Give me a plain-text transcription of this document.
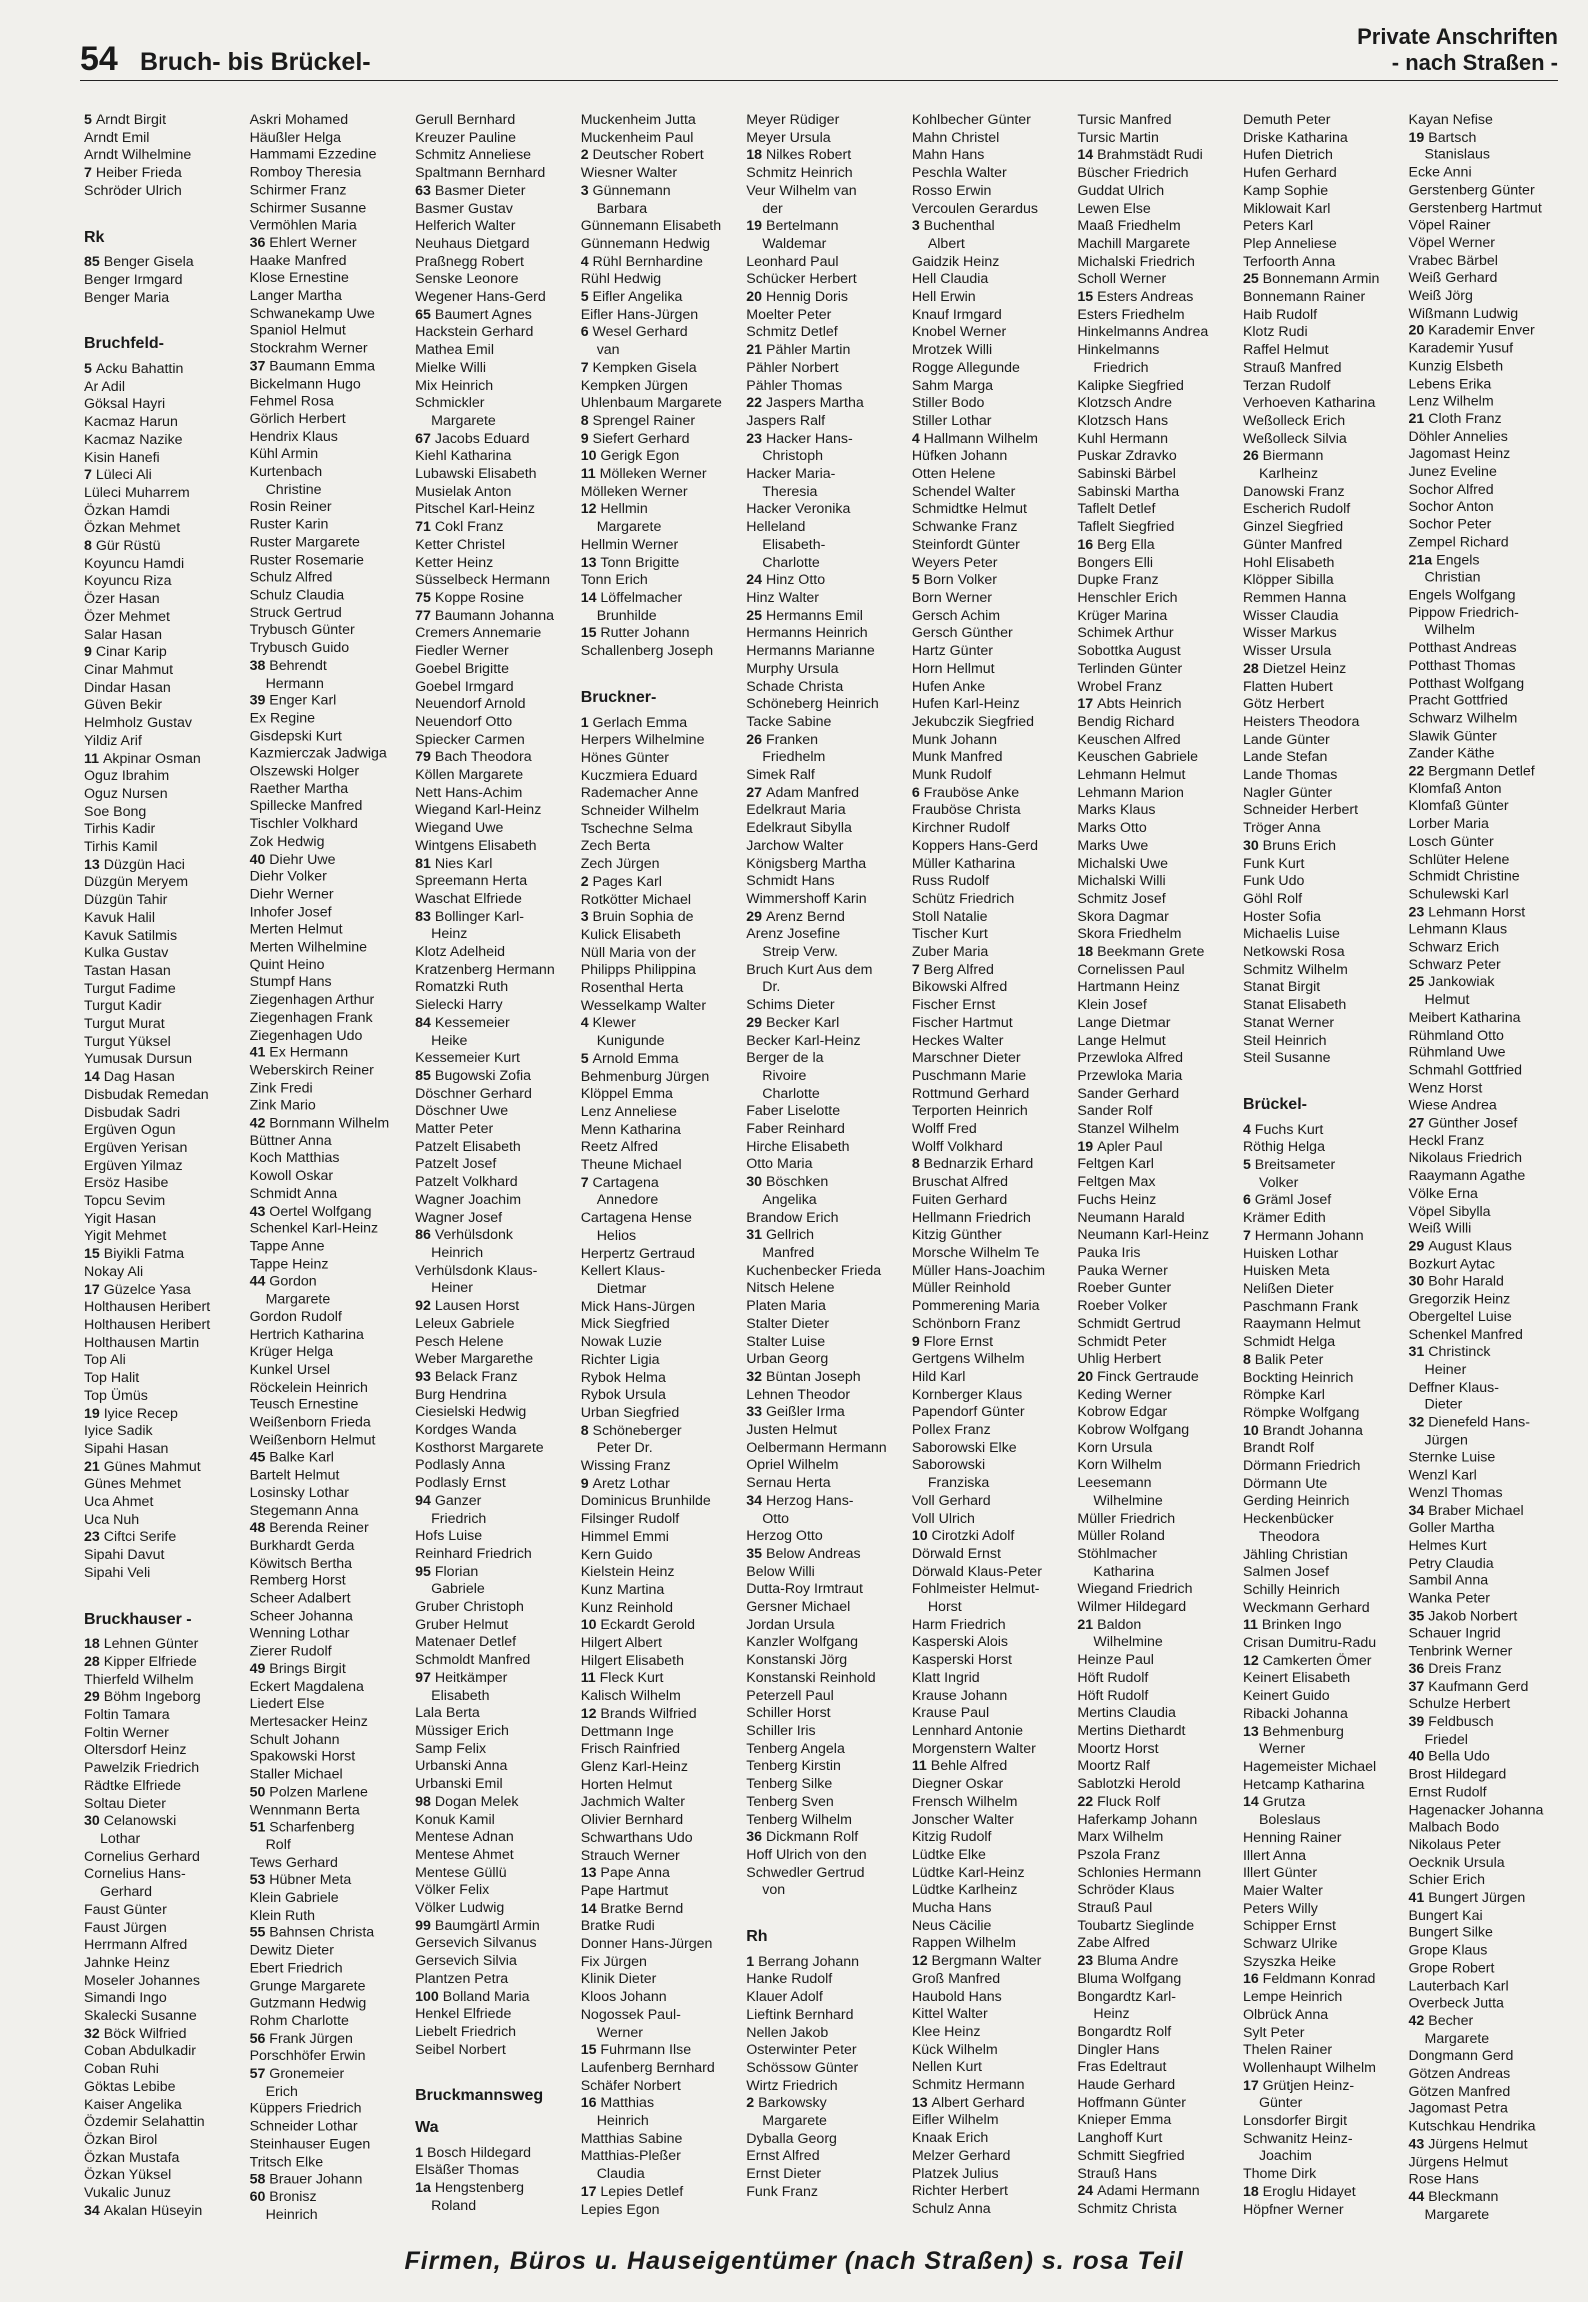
54 Bruch- bis Brückel-
Private Anschriften
- nach Straßen -
5 Arndt Birgit
Arndt Emil
Arndt Wilhelmine
7 Heiber Frieda
Schröder Ulrich
Rk
85 Benger Gisela
Benger Irmgard
Benger Maria
Bruchfeld-
5 Acku Bahattin
Ar Adil
Göksal Hayri
Kacmaz Harun
Kacmaz Nazike
Kisin Hanefi
7 Lüleci Ali
Lüleci Muharrem
Özkan Hamdi
Özkan Mehmet
8 Gür Rüstü
Koyuncu Hamdi
Koyuncu Riza
Özer Hasan
Özer Mehmet
Salar Hasan
9 Cinar Karip
Cinar Mahmut
Dindar Hasan
Güven Bekir
Helmholz Gustav
Yildiz Arif
11 Akpinar Osman
Oguz Ibrahim
Oguz Nursen
Soe Bong
Tirhis Kadir
Tirhis Kamil
13 Düzgün Haci
Düzgün Meryem
Düzgün Tahir
Kavuk Halil
Kavuk Satilmis
Kulka Gustav
Tastan Hasan
Turgut Fadime
Turgut Kadir
Turgut Murat
Turgut Yüksel
Yumusak Dursun
14 Dag Hasan
Disbudak Remedan
Disbudak Sadri
Ergüven Ogun
Ergüven Yerisan
Ergüven Yilmaz
Ersöz Hasibe
Topcu Sevim
Yigit Hasan
Yigit Mehmet
15 Biyikli Fatma
Nokay Ali
17 Güzelce Yasa
Holthausen Heribert
Holthausen Heribert
Holthausen Martin
Top Ali
Top Halit
Top Ümüs
19 Iyice Recep
Iyice Sadik
Sipahi Hasan
21 Günes Mahmut
Günes Mehmet
Uca Ahmet
Uca Nuh
23 Ciftci Serife
Sipahi Davut
Sipahi Veli
Bruckhauser -
18 Lehnen Günter
28 Kipper Elfriede
Thierfeld Wilhelm
29 Böhm Ingeborg
Foltin Tamara
Foltin Werner
Oltersdorf Heinz
Pawelzik Friedrich
Rädtke Elfriede
Soltau Dieter
30 Celanowski
Lothar
Cornelius Gerhard
Cornelius Hans-
Gerhard
Faust Günter
Faust Jürgen
Herrmann Alfred
Jahnke Heinz
Moseler Johannes
Simandi Ingo
Skalecki Susanne
32 Böck Wilfried
Coban Abdulkadir
Coban Ruhi
Göktas Lebibe
Kaiser Angelika
Özdemir Selahattin
Özkan Birol
Özkan Mustafa
Özkan Yüksel
Vukalic Junuz
34 Akalan Hüseyin
Askri Mohamed
Häußler Helga
Hammami Ezzedine
Romboy Theresia
Schirmer Franz
Schirmer Susanne
Vermöhlen Maria
36 Ehlert Werner
Haake Manfred
Klose Ernestine
Langer Martha
Schwanekamp Uwe
Spaniol Helmut
Stockrahm Werner
37 Baumann Emma
Bickelmann Hugo
Fehmel Rosa
Görlich Herbert
Hendrix Klaus
Kühl Armin
Kurtenbach
Christine
Rosin Reiner
Ruster Karin
Ruster Margarete
Ruster Rosemarie
Schulz Alfred
Schulz Claudia
Struck Gertrud
Trybusch Günter
Trybusch Guido
38 Behrendt
Hermann
39 Enger Karl
Ex Regine
Gisdepski Kurt
Kazmierczak Jadwiga
Olszewski Holger
Raether Martha
Spillecke Manfred
Tischler Volkhard
Zok Hedwig
40 Diehr Uwe
Diehr Volker
Diehr Werner
Inhofer Josef
Merten Helmut
Merten Wilhelmine
Quint Heino
Stumpf Hans
Ziegenhagen Arthur
Ziegenhagen Frank
Ziegenhagen Udo
41 Ex Hermann
Weberskirch Reiner
Zink Fredi
Zink Mario
42 Bornmann Wilhelm
Büttner Anna
Koch Matthias
Kowoll Oskar
Schmidt Anna
43 Oertel Wolfgang
Schenkel Karl-Heinz
Tappe Anne
Tappe Heinz
44 Gordon
Margarete
Gordon Rudolf
Hertrich Katharina
Krüger Helga
Kunkel Ursel
Röckelein Heinrich
Teusch Ernestine
Weißenborn Frieda
Weißenborn Helmut
45 Balke Karl
Bartelt Helmut
Losinsky Lothar
Stegemann Anna
48 Berenda Reiner
Burkhardt Gerda
Köwitsch Bertha
Remberg Horst
Scheer Adalbert
Scheer Johanna
Wenning Lothar
Zierer Rudolf
49 Brings Birgit
Eckert Magdalena
Liedert Else
Mertesacker Heinz
Schult Johann
Spakowski Horst
Staller Michael
50 Polzen Marlene
Wennmann Berta
51 Scharfenberg
Rolf
Tews Gerhard
53 Hübner Meta
Klein Gabriele
Klein Ruth
55 Bahnsen Christa
Dewitz Dieter
Ebert Friedrich
Grunge Margarete
Gutzmann Hedwig
Rohm Charlotte
56 Frank Jürgen
Porschhöfer Erwin
57 Gronemeier
Erich
Küppers Friedrich
Schneider Lothar
Steinhauser Eugen
Tritsch Elke
58 Brauer Johann
60 Bronisz
Heinrich
Gerull Bernhard
Kreuzer Pauline
Schmitz Anneliese
Spaltmann Bernhard
63 Basmer Dieter
Basmer Gustav
Helferich Walter
Neuhaus Dietgard
Praßnegg Robert
Senske Leonore
Wegener Hans-Gerd
65 Baumert Agnes
Hackstein Gerhard
Mathea Emil
Mielke Willi
Mix Heinrich
Schmickler
Margarete
67 Jacobs Eduard
Kiehl Katharina
Lubawski Elisabeth
Musielak Anton
Pitschel Karl-Heinz
71 Cokl Franz
Ketter Christel
Ketter Heinz
Süsselbeck Hermann
75 Koppe Rosine
77 Baumann Johanna
Cremers Annemarie
Fiedler Werner
Goebel Brigitte
Goebel Irmgard
Neuendorf Arnold
Neuendorf Otto
Spiecker Carmen
79 Bach Theodora
Köllen Margarete
Nett Hans-Achim
Wiegand Karl-Heinz
Wiegand Uwe
Wintgens Elisabeth
81 Nies Karl
Spreemann Herta
Waschat Elfriede
83 Bollinger Karl-
Heinz
Klotz Adelheid
Kratzenberg Hermann
Romatzki Ruth
Sielecki Harry
84 Kessemeier
Heike
Kessemeier Kurt
85 Bugowski Zofia
Döschner Gerhard
Döschner Uwe
Matter Peter
Patzelt Elisabeth
Patzelt Josef
Patzelt Volkhard
Wagner Joachim
Wagner Josef
86 Verhülsdonk
Heinrich
Verhülsdonk Klaus-
Heiner
92 Lausen Horst
Leleux Gabriele
Pesch Helene
Weber Margarethe
93 Belack Franz
Burg Hendrina
Ciesielski Hedwig
Kordges Wanda
Kosthorst Margarete
Podlasly Anna
Podlasly Ernst
94 Ganzer
Friedrich
Hofs Luise
Reinhard Friedrich
95 Florian
Gabriele
Gruber Christoph
Gruber Helmut
Matenaer Detlef
Schmoldt Manfred
97 Heitkämper
Elisabeth
Lala Berta
Müssiger Erich
Samp Felix
Urbanski Anna
Urbanski Emil
98 Dogan Melek
Konuk Kamil
Mentese Adnan
Mentese Ahmet
Mentese Güllü
Völker Felix
Völker Ludwig
99 Baumgärtl Armin
Gersevich Silvanus
Gersevich Silvia
Plantzen Petra
100 Bolland Maria
Henkel Elfriede
Liebelt Friedrich
Seibel Norbert
Bruckmannsweg
Wa
1 Bosch Hildegard
Elsäßer Thomas
1a Hengstenberg
Roland
Muckenheim Jutta
Muckenheim Paul
2 Deutscher Robert
Wiesner Walter
3 Günnemann
Barbara
Günnemann Elisabeth
Günnemann Hedwig
4 Rühl Bernhardine
Rühl Hedwig
5 Eifler Angelika
Eifler Hans-Jürgen
6 Wesel Gerhard
van
7 Kempken Gisela
Kempken Jürgen
Uhlenbaum Margarete
8 Sprengel Rainer
9 Siefert Gerhard
10 Gerigk Egon
11 Mölleken Werner
Mölleken Werner
12 Hellmin
Margarete
Hellmin Werner
13 Tonn Brigitte
Tonn Erich
14 Löffelmacher
Brunhilde
15 Rutter Johann
Schallenberg Joseph
Bruckner-
1 Gerlach Emma
Herpers Wilhelmine
Hönes Günter
Kuczmiera Eduard
Rademacher Anne
Schneider Wilhelm
Tschechne Selma
Zech Berta
Zech Jürgen
2 Pages Karl
Rotkötter Michael
3 Bruin Sophia de
Kulick Elisabeth
Nüll Maria von der
Philipps Philippina
Rosenthal Herta
Wesselkamp Walter
4 Klewer
Kunigunde
5 Arnold Emma
Behmenburg Jürgen
Klöppel Emma
Lenz Anneliese
Menn Katharina
Reetz Alfred
Theune Michael
7 Cartagena
Annedore
Cartagena Hense
Helios
Herpertz Gertraud
Kellert Klaus-
Dietmar
Mick Hans-Jürgen
Mick Siegfried
Nowak Luzie
Richter Ligia
Rybok Helma
Rybok Ursula
Urban Siegfried
8 Schöneberger
Peter Dr.
Wissing Franz
9 Aretz Lothar
Dominicus Brunhilde
Filsinger Rudolf
Himmel Emmi
Kern Guido
Kielstein Heinz
Kunz Martina
Kunz Reinhold
10 Eckardt Gerold
Hilgert Albert
Hilgert Elisabeth
11 Fleck Kurt
Kalisch Wilhelm
12 Brands Wilfried
Dettmann Inge
Frisch Rainfried
Glenz Karl-Heinz
Horten Helmut
Jachmich Walter
Olivier Bernhard
Schwarthans Udo
Strauch Werner
13 Pape Anna
Pape Hartmut
14 Bratke Bernd
Bratke Rudi
Donner Hans-Jürgen
Fix Jürgen
Klinik Dieter
Kloos Johann
Nogossek Paul-
Werner
15 Fuhrmann Ilse
Laufenberg Bernhard
Schäfer Norbert
16 Matthias
Heinrich
Matthias Sabine
Matthias-Pleßer
Claudia
17 Lepies Detlef
Lepies Egon
Meyer Rüdiger
Meyer Ursula
18 Nilkes Robert
Schmitz Heinrich
Veur Wilhelm van
der
19 Bertelmann
Waldemar
Leonhard Paul
Schücker Herbert
20 Hennig Doris
Moelter Peter
Schmitz Detlef
21 Pähler Martin
Pähler Norbert
Pähler Thomas
22 Jaspers Martha
Jaspers Ralf
23 Hacker Hans-
Christoph
Hacker Maria-
Theresia
Hacker Veronika
Helleland
Elisabeth-
Charlotte
24 Hinz Otto
Hinz Walter
25 Hermanns Emil
Hermanns Heinrich
Hermanns Marianne
Murphy Ursula
Schade Christa
Schöneberg Heinrich
Tacke Sabine
26 Franken
Friedhelm
Simek Ralf
27 Adam Manfred
Edelkraut Maria
Edelkraut Sibylla
Jarchow Walter
Königsberg Martha
Schmidt Hans
Wimmershoff Karin
29 Arenz Bernd
Arenz Josefine
Streip Verw.
Bruch Kurt Aus dem
Dr.
Schims Dieter
29 Becker Karl
Becker Karl-Heinz
Berger de la
Rivoire
Charlotte
Faber Liselotte
Faber Reinhard
Hirche Elisabeth
Otto Maria
30 Böschken
Angelika
Brandow Erich
31 Gellrich
Manfred
Kuchenbecker Frieda
Nitsch Helene
Platen Maria
Stalter Dieter
Stalter Luise
Urban Georg
32 Büntan Joseph
Lehnen Theodor
33 Geißler Irma
Justen Helmut
Oelbermann Hermann
Opriel Wilhelm
Sernau Herta
34 Herzog Hans-
Otto
Herzog Otto
35 Below Andreas
Below Willi
Dutta-Roy Irmtraut
Gersner Michael
Jordan Ursula
Kanzler Wolfgang
Konstanski Jörg
Konstanski Reinhold
Peterzell Paul
Schiller Horst
Schiller Iris
Tenberg Angela
Tenberg Kirstin
Tenberg Silke
Tenberg Sven
Tenberg Wilhelm
36 Dickmann Rolf
Hoff Ulrich von den
Schwedler Gertrud
von
Rh
1 Berrang Johann
Hanke Rudolf
Klauer Adolf
Lieftink Bernhard
Nellen Jakob
Osterwinter Peter
Schössow Günter
Wirtz Friedrich
2 Barkowsky
Margarete
Dyballa Georg
Ernst Alfred
Ernst Dieter
Funk Franz
Kohlbecher Günter
Mahn Christel
Mahn Hans
Peschla Walter
Rosso Erwin
Vercoulen Gerardus
3 Buchenthal
Albert
Gaidzik Heinz
Hell Claudia
Hell Erwin
Knauf Irmgard
Knobel Werner
Mrotzek Willi
Rogge Allegunde
Sahm Marga
Stiller Bodo
Stiller Lothar
4 Hallmann Wilhelm
Hüfken Johann
Otten Helene
Schendel Walter
Schmidtke Helmut
Schwanke Franz
Steinfordt Günter
Weyers Peter
5 Born Volker
Born Werner
Gersch Achim
Gersch Günther
Hartz Günter
Horn Hellmut
Hufen Anke
Hufen Karl-Heinz
Jekubczik Siegfried
Munk Johann
Munk Manfred
Munk Rudolf
6 Frauböse Anke
Frauböse Christa
Kirchner Rudolf
Koppers Hans-Gerd
Müller Katharina
Russ Rudolf
Schütz Friedrich
Stoll Natalie
Tischer Kurt
Zuber Maria
7 Berg Alfred
Bikowski Alfred
Fischer Ernst
Fischer Hartmut
Heckes Walter
Marschner Dieter
Puschmann Marie
Rottmund Gerhard
Terporten Heinrich
Wolff Fred
Wolff Volkhard
8 Bednarzik Erhard
Bruschat Alfred
Fuiten Gerhard
Hellmann Friedrich
Kitzig Günther
Morsche Wilhelm Te
Müller Hans-Joachim
Müller Reinhold
Pommerening Maria
Schönborn Franz
9 Flore Ernst
Gertgens Wilhelm
Hild Karl
Kornberger Klaus
Papendorf Günter
Pollex Franz
Saborowski Elke
Saborowski
Franziska
Voll Gerhard
Voll Ulrich
10 Cirotzki Adolf
Dörwald Ernst
Dörwald Klaus-Peter
Fohlmeister Helmut-
Horst
Harm Friedrich
Kasperski Alois
Kasperski Horst
Klatt Ingrid
Krause Johann
Krause Paul
Lennhard Antonie
Morgenstern Walter
11 Behle Alfred
Diegner Oskar
Frensch Wilhelm
Jonscher Walter
Kitzig Rudolf
Lüdtke Elke
Lüdtke Karl-Heinz
Lüdtke Karlheinz
Mucha Hans
Neus Cäcilie
Rappen Wilhelm
12 Bergmann Walter
Groß Manfred
Haubold Hans
Kittel Walter
Klee Heinz
Kück Wilhelm
Nellen Kurt
Schmitz Hermann
13 Albert Gerhard
Eifler Wilhelm
Knaak Erich
Melzer Gerhard
Platzek Julius
Richter Herbert
Schulz Anna
Tursic Manfred
Tursic Martin
14 Brahmstädt Rudi
Büscher Friedrich
Guddat Ulrich
Lewen Else
Maaß Friedhelm
Machill Margarete
Michalski Friedrich
Scholl Werner
15 Esters Andreas
Esters Friedhelm
Hinkelmanns Andrea
Hinkelmanns
Friedrich
Kalipke Siegfried
Klotzsch Andre
Klotzsch Hans
Kuhl Hermann
Puskar Zdravko
Sabinski Bärbel
Sabinski Martha
Taflelt Detlef
Taflelt Siegfried
16 Berg Ella
Bongers Elli
Dupke Franz
Henschler Erich
Krüger Marina
Schimek Arthur
Sobottka August
Terlinden Günter
Wrobel Franz
17 Abts Heinrich
Bendig Richard
Keuschen Alfred
Keuschen Gabriele
Lehmann Helmut
Lehmann Marion
Marks Klaus
Marks Otto
Marks Uwe
Michalski Uwe
Michalski Willi
Schmitz Josef
Skora Dagmar
Skora Friedhelm
18 Beekmann Grete
Cornelissen Paul
Hartmann Heinz
Klein Josef
Lange Dietmar
Lange Helmut
Przewloka Alfred
Przewloka Maria
Sander Gerhard
Sander Rolf
Stanzel Wilhelm
19 Apler Paul
Feltgen Karl
Feltgen Max
Fuchs Heinz
Neumann Harald
Neumann Karl-Heinz
Pauka Iris
Pauka Werner
Roeber Gunter
Roeber Volker
Schmidt Gertrud
Schmidt Peter
Uhlig Herbert
20 Finck Gertraude
Keding Werner
Kobrow Edgar
Kobrow Wolfgang
Korn Ursula
Korn Wilhelm
Leesemann
Wilhelmine
Müller Friedrich
Müller Roland
Stöhlmacher
Katharina
Wiegand Friedrich
Wilmer Hildegard
21 Baldon
Wilhelmine
Heinze Paul
Höft Rudolf
Höft Rudolf
Mertins Claudia
Mertins Diethardt
Moortz Horst
Moortz Ralf
Sablotzki Herold
22 Fluck Rolf
Haferkamp Johann
Marx Wilhelm
Pszola Franz
Schlonies Hermann
Schröder Klaus
Strauß Paul
Toubartz Sieglinde
Zabe Alfred
23 Bluma Andre
Bluma Wolfgang
Bongardtz Karl-
Heinz
Bongardtz Rolf
Dingler Hans
Fras Edeltraut
Haude Gerhard
Hoffmann Günter
Knieper Emma
Langhoff Kurt
Schmitt Siegfried
Strauß Hans
24 Adami Hermann
Schmitz Christa
Demuth Peter
Driske Katharina
Hufen Dietrich
Hufen Gerhard
Kamp Sophie
Miklowait Karl
Peters Karl
Plep Anneliese
Terfoorth Anna
25 Bonnemann Armin
Bonnemann Rainer
Haib Rudolf
Klotz Rudi
Raffel Helmut
Strauß Manfred
Terzan Rudolf
Verhoeven Katharina
Weßolleck Erich
Weßolleck Silvia
26 Biermann
Karlheinz
Danowski Franz
Escherich Rudolf
Ginzel Siegfried
Günter Manfred
Hohl Elisabeth
Klöpper Sibilla
Remmen Hanna
Wisser Claudia
Wisser Markus
Wisser Ursula
28 Dietzel Heinz
Flatten Hubert
Götz Herbert
Heisters Theodora
Lande Günter
Lande Stefan
Lande Thomas
Nagler Günter
Schneider Herbert
Tröger Anna
30 Bruns Erich
Funk Kurt
Funk Udo
Göhl Rolf
Hoster Sofia
Michaelis Luise
Netkowski Rosa
Schmitz Wilhelm
Stanat Birgit
Stanat Elisabeth
Stanat Werner
Steil Heinrich
Steil Susanne
Brückel-
4 Fuchs Kurt
Röthig Helga
5 Breitsameter
Volker
6 Gräml Josef
Krämer Edith
7 Hermann Johann
Huisken Lothar
Huisken Meta
Nelißen Dieter
Paschmann Frank
Raaymann Helmut
Schmidt Helga
8 Balik Peter
Bockting Heinrich
Römpke Karl
Römpke Wolfgang
10 Brandt Johanna
Brandt Rolf
Dörmann Friedrich
Dörmann Ute
Gerding Heinrich
Heckenbücker
Theodora
Jähling Christian
Salmen Josef
Schilly Heinrich
Weckmann Gerhard
11 Brinken Ingo
Crisan Dumitru-Radu
12 Camkerten Ömer
Keinert Elisabeth
Keinert Guido
Ribacki Johanna
13 Behmenburg
Werner
Hagemeister Michael
Hetcamp Katharina
14 Grutza
Boleslaus
Henning Rainer
Illert Anna
Illert Günter
Maier Walter
Peters Willy
Schipper Ernst
Schwarz Ulrike
Szyszka Heike
16 Feldmann Konrad
Lempe Heinrich
Olbrück Anna
Sylt Peter
Thelen Rainer
Wollenhaupt Wilhelm
17 Grütjen Heinz-
Günter
Lonsdorfer Birgit
Schwanitz Heinz-
Joachim
Thome Dirk
18 Eroglu Hidayet
Höpfner Werner
Kayan Nefise
19 Bartsch
Stanislaus
Ecke Anni
Gerstenberg Günter
Gerstenberg Hartmut
Vöpel Rainer
Vöpel Werner
Vrabec Bärbel
Weiß Gerhard
Weiß Jörg
Wißmann Ludwig
20 Karademir Enver
Karademir Yusuf
Kunzig Elsbeth
Lebens Erika
Lenz Wilhelm
21 Cloth Franz
Döhler Annelies
Jagomast Heinz
Junez Eveline
Sochor Alfred
Sochor Anton
Sochor Peter
Zempel Richard
21a Engels
Christian
Engels Wolfgang
Pippow Friedrich-
Wilhelm
Potthast Andreas
Potthast Thomas
Potthast Wolfgang
Pracht Gottfried
Schwarz Wilhelm
Slawik Günter
Zander Käthe
22 Bergmann Detlef
Klomfaß Anton
Klomfaß Günter
Lorber Maria
Losch Günter
Schlüter Helene
Schmidt Christine
Schulewski Karl
23 Lehmann Horst
Lehmann Klaus
Schwarz Erich
Schwarz Peter
25 Jankowiak
Helmut
Meibert Katharina
Rühmland Otto
Rühmland Uwe
Schmahl Gottfried
Wenz Horst
Wiese Andrea
27 Günther Josef
Heckl Franz
Nikolaus Friedrich
Raaymann Agathe
Völke Erna
Vöpel Sibylla
Weiß Willi
29 August Klaus
Bozkurt Aytac
30 Bohr Harald
Gregorzik Heinz
Obergeltel Luise
Schenkel Manfred
31 Christinck
Heiner
Deffner Klaus-
Dieter
32 Dienefeld Hans-
Jürgen
Sternke Luise
Wenzl Karl
Wenzl Thomas
34 Braber Michael
Goller Martha
Helmes Kurt
Petry Claudia
Sambil Anna
Wanka Peter
35 Jakob Norbert
Schauer Ingrid
Tenbrink Werner
36 Dreis Franz
37 Kaufmann Gerd
Schulze Herbert
39 Feldbusch
Friedel
40 Bella Udo
Brost Hildegard
Ernst Rudolf
Hagenacker Johanna
Malbach Bodo
Nikolaus Peter
Oecknik Ursula
Schier Erich
41 Bungert Jürgen
Bungert Kai
Bungert Silke
Grope Klaus
Grope Robert
Lauterbach Karl
Overbeck Jutta
42 Becher
Margarete
Dongmann Gerd
Götzen Andreas
Götzen Manfred
Jagomast Petra
Kutschkau Hendrika
43 Jürgens Helmut
Jürgens Helmut
Rose Hans
44 Bleckmann
Margarete
Firmen, Büros u. Hauseigentümer (nach Straßen) s. rosa Teil
